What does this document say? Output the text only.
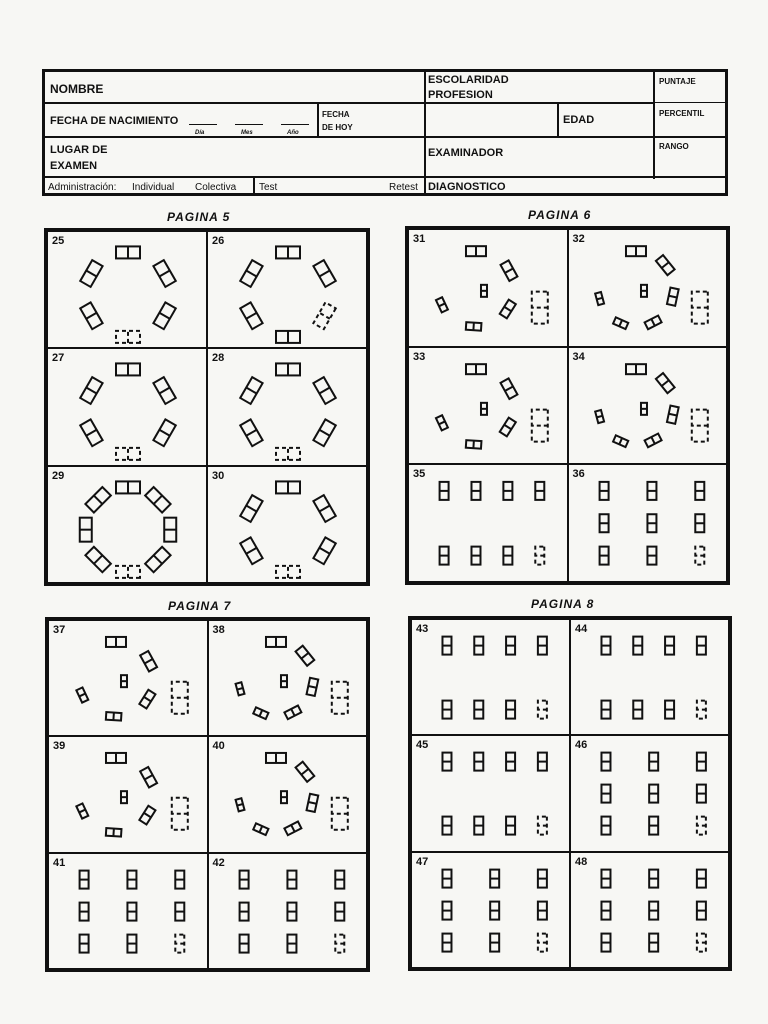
NOMBRE
ESCOLARIDAD
PROFESION
PUNTAJE
FECHA DE NACIMIENTO
Día	Mes	Año
FECHA
DE HOY
EDAD
PERCENTIL
LUGAR DE
EXAMEN
EXAMINADOR
RANGO
Administración: Individual Colectiva Test	Retest DIAGNOSTICO
PAGINA 5	PAGINA 6
PAGINA 7	PAGINA 8
25	26
27	28
29	30
31	32
33	34
35	36
37	38
39	40
41	42
43	44
45	46
47	48
